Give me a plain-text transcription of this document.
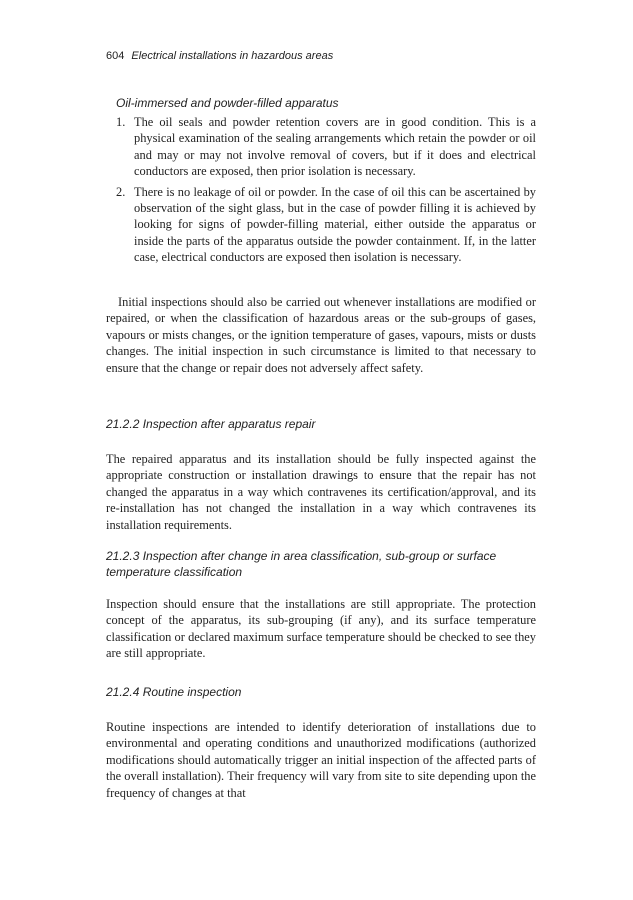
604 Electrical installations in hazardous areas
Oil-immersed and powder-filled apparatus
1. The oil seals and powder retention covers are in good condition. This is a physical examination of the sealing arrangements which retain the powder or oil and may or may not involve removal of covers, but if it does and electrical conductors are exposed, then prior isolation is necessary.
2. There is no leakage of oil or powder. In the case of oil this can be ascertained by observation of the sight glass, but in the case of powder filling it is achieved by looking for signs of powder-filling material, either outside the apparatus or inside the parts of the apparatus outside the powder containment. If, in the latter case, electrical conductors are exposed then isolation is necessary.

Initial inspections should also be carried out whenever installations are modified or repaired, or when the classification of hazardous areas or the sub-groups of gases, vapours or mists changes, or the ignition temperature of gases, vapours, mists or dusts changes. The initial inspection in such circumstance is limited to that necessary to ensure that the change or repair does not adversely affect safety.

21.2.2 Inspection after apparatus repair

The repaired apparatus and its installation should be fully inspected against the appropriate construction or installation drawings to ensure that the repair has not changed the apparatus in a way which contravenes its certification/approval, and its re-installation has not changed the installation in a way which contravenes its installation requirements.

21.2.3 Inspection after change in area classification, sub-group or surface temperature classification

Inspection should ensure that the installations are still appropriate. The protection concept of the apparatus, its sub-grouping (if any), and its surface temperature classification or declared maximum surface temperature should be checked to see they are still appropriate.

21.2.4 Routine inspection

Routine inspections are intended to identify deterioration of installations due to environmental and operating conditions and unauthorized modifications (authorized modifications should automatically trigger an initial inspection of the affected parts of the overall installation). Their frequency will vary from site to site depending upon the frequency of changes at that
